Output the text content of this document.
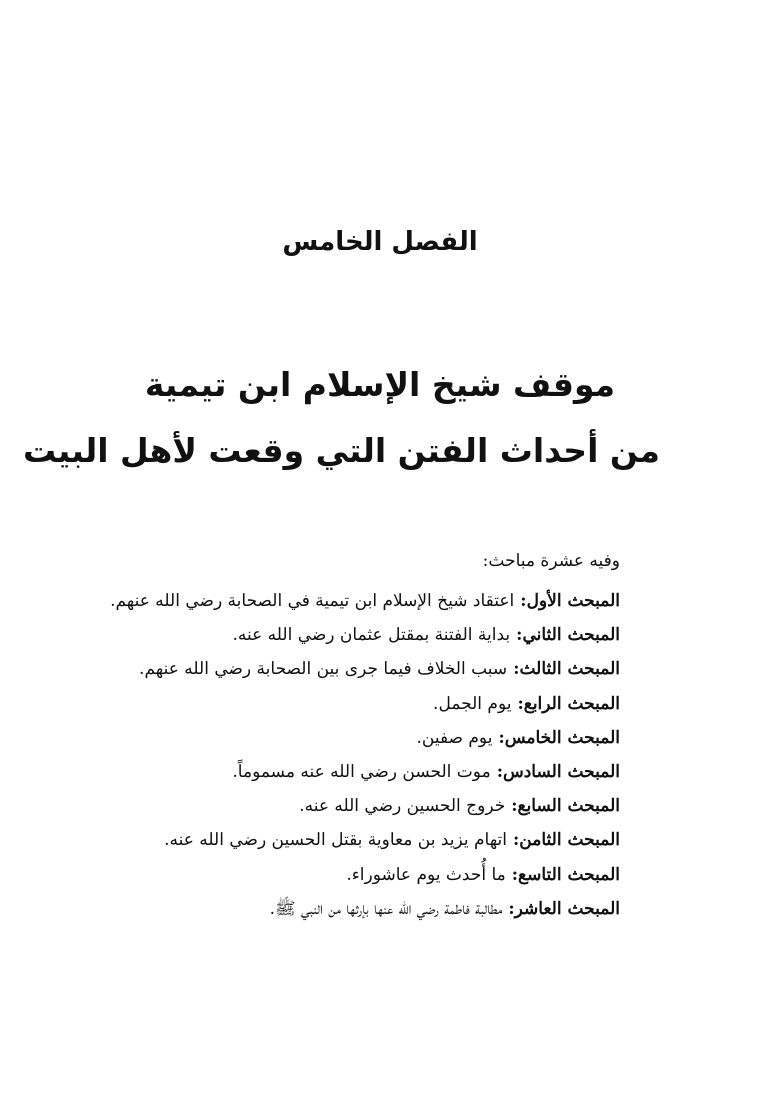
الفصل الخامس
موقف شيخ الإسلام ابن تيمية
من أحداث الفتن التي وقعت لأهل البيت

وفيه عشرة مباحث:

المبحث الأول:اعتقاد شيخ الإسلام ابن تيمية في الصحابة رضي الله عنهم.
المبحث الثاني:بداية الفتنة بمقتل عثمان رضي الله عنه.
المبحث الثالث:سبب الخلاف فيما جرى بين الصحابة رضي الله عنهم.
المبحث الرابع:يوم الجمل.
المبحث الخامس:يوم صفين.
المبحث السادس:موت الحسن رضي الله عنه مسموماً.
المبحث السابع:خروج الحسين رضي الله عنه.
المبحث الثامن:اتهام يزيد بن معاوية بقتل الحسين رضي الله عنه.
المبحث التاسع:ما أُحدث يوم عاشوراء.
المبحث العاشر:مطالبة فاطمة رضي الله عنها بإرثها من النبي ﷺ.
